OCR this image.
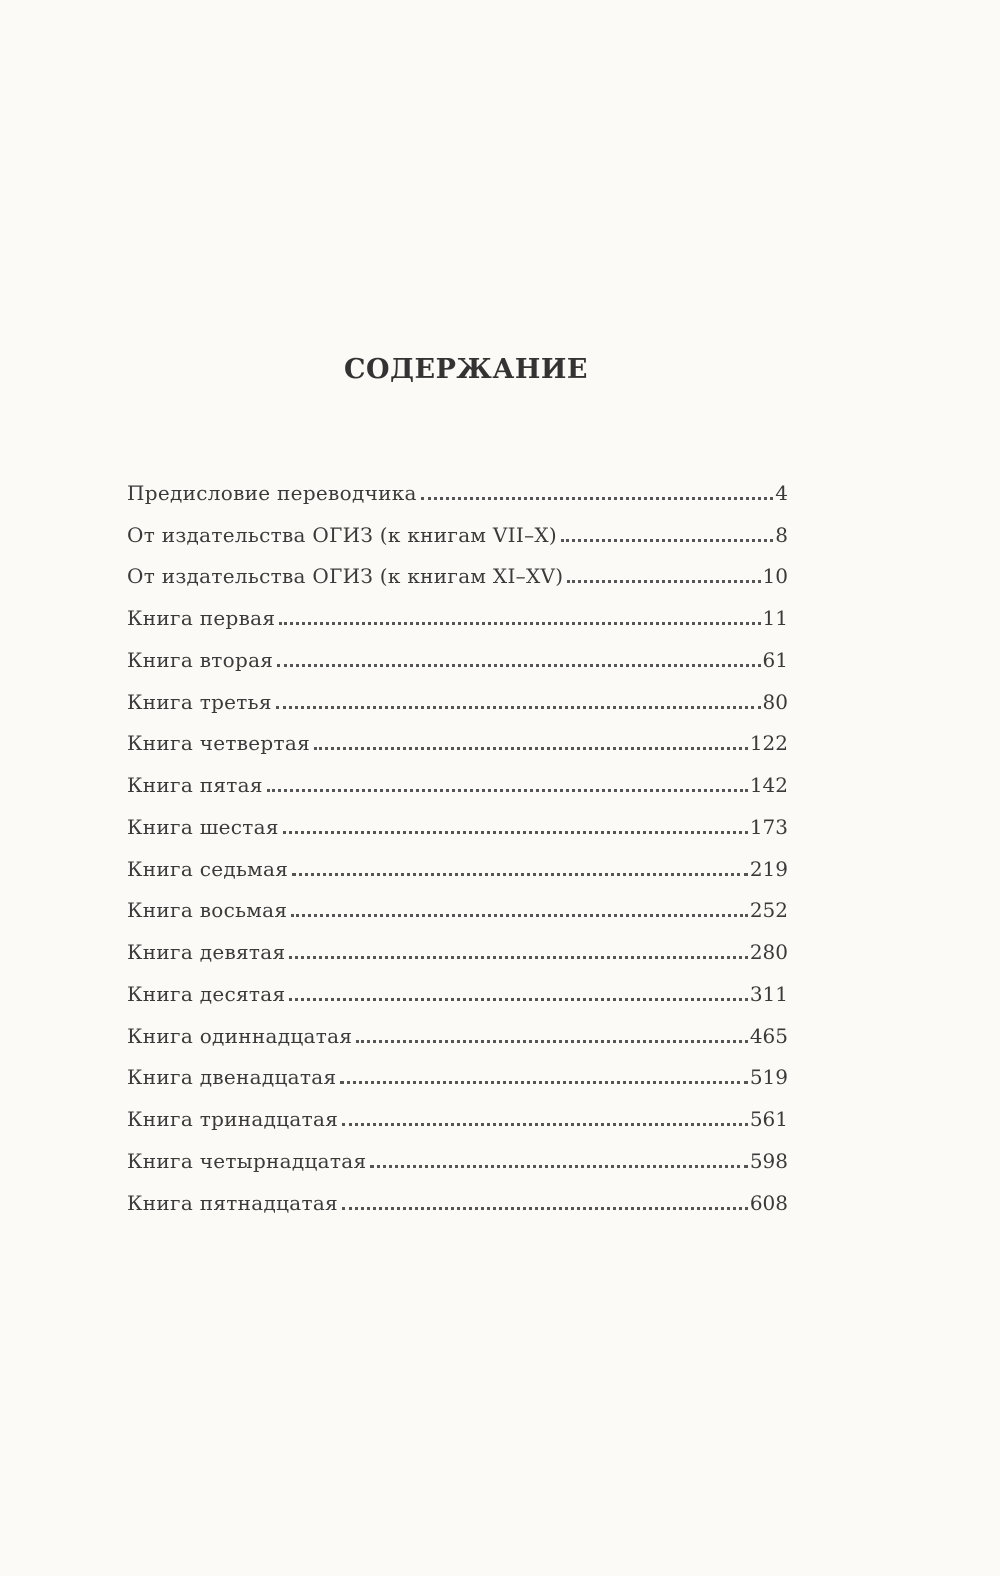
СОДЕРЖАНИЕ
Предисловие переводчика	4
От издательства ОГИЗ (к книгам VII–X)	8
От издательства ОГИЗ (к книгам XI–XV)	10
Книга первая	11
Книга вторая	61
Книга третья	80
Книга четвертая	122
Книга пятая	142
Книга шестая	173
Книга седьмая	219
Книга восьмая	252
Книга девятая	280
Книга десятая	311
Книга одиннадцатая	465
Книга двенадцатая	519
Книга тринадцатая	561
Книга четырнадцатая	598
Книга пятнадцатая	608
